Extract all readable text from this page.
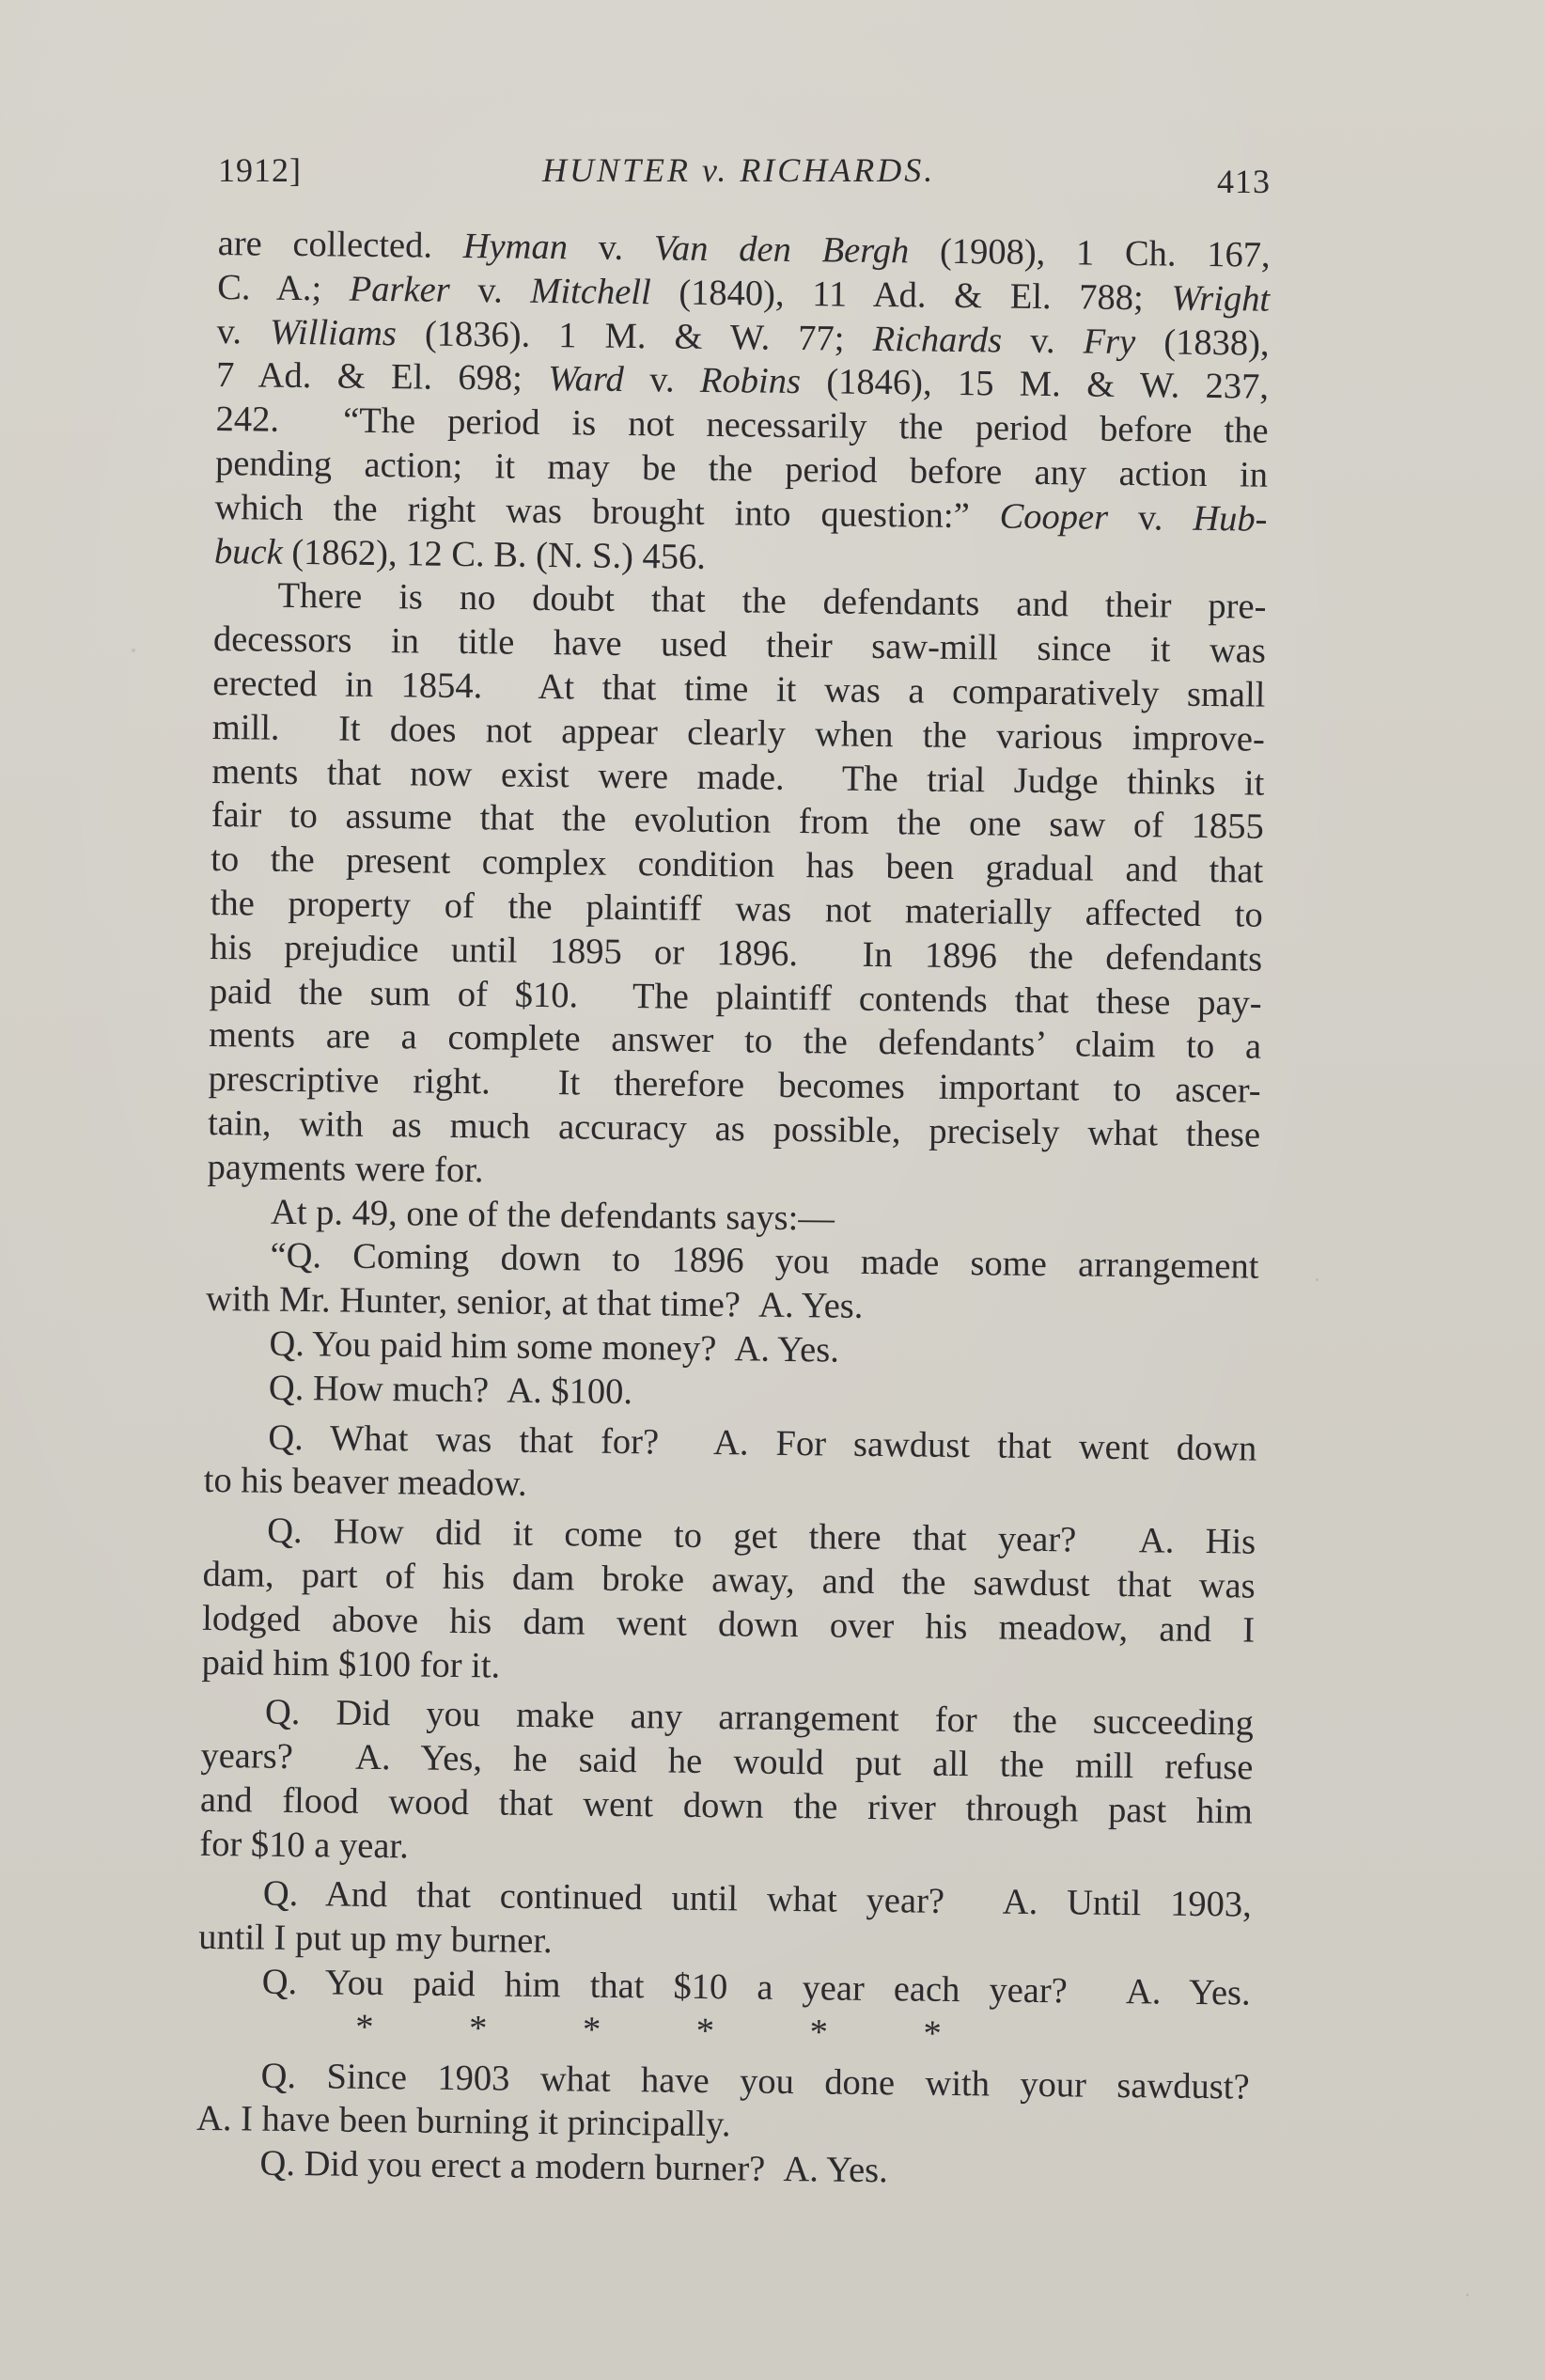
1912]	HUNTER v. RICHARDS.	413
are collected. Hyman v. Van den Bergh (1908), 1 Ch. 167,
C. A.; Parker v. Mitchell (1840), 11 Ad. & El. 788; Wright
v. Williams (1836). 1 M. & W. 77; Richards v. Fry (1838),
7 Ad. & El. 698; Ward v. Robins (1846), 15 M. & W. 237,
242.  “The period is not necessarily the period before the
pending action; it may be the period before any action in
which the right was brought into question:” Cooper v. Hub-
buck (1862), 12 C. B. (N. S.) 456.
There is no doubt that the defendants and their pre-
decessors in title have used their saw-mill since it was
erected in 1854.  At that time it was a comparatively small
mill.  It does not appear clearly when the various improve-
ments that now exist were made.  The trial Judge thinks it
fair to assume that the evolution from the one saw of 1855
to the present complex condition has been gradual and that
the property of the plaintiff was not materially affected to
his prejudice until 1895 or 1896.  In 1896 the defendants
paid the sum of $10.  The plaintiff contends that these pay-
ments are a complete answer to the defendants’ claim to a
prescriptive right.  It therefore becomes important to ascer-
tain, with as much accuracy as possible, precisely what these
payments were for.
At p. 49, one of the defendants says:—
“Q. Coming down to 1896 you made some arrangement
with Mr. Hunter, senior, at that time?  A. Yes.
Q. You paid him some money?  A. Yes.
Q. How much?  A. $100.
Q. What was that for?  A. For sawdust that went down
to his beaver meadow.
Q. How did it come to get there that year?  A. His
dam, part of his dam broke away, and the sawdust that was
lodged above his dam went down over his meadow, and I
paid him $100 for it.
Q. Did you make any arrangement for the succeeding
years?  A. Yes, he said he would put all the mill refuse
and flood wood that went down the river through past him
for $10 a year.
Q. And that continued until what year?  A. Until 1903,
until I put up my burner.
Q. You paid him that $10 a year each year?  A. Yes.
* * * * * *
Q. Since 1903 what have you done with your sawdust?
A. I have been burning it principally.
Q. Did you erect a modern burner?  A. Yes.
